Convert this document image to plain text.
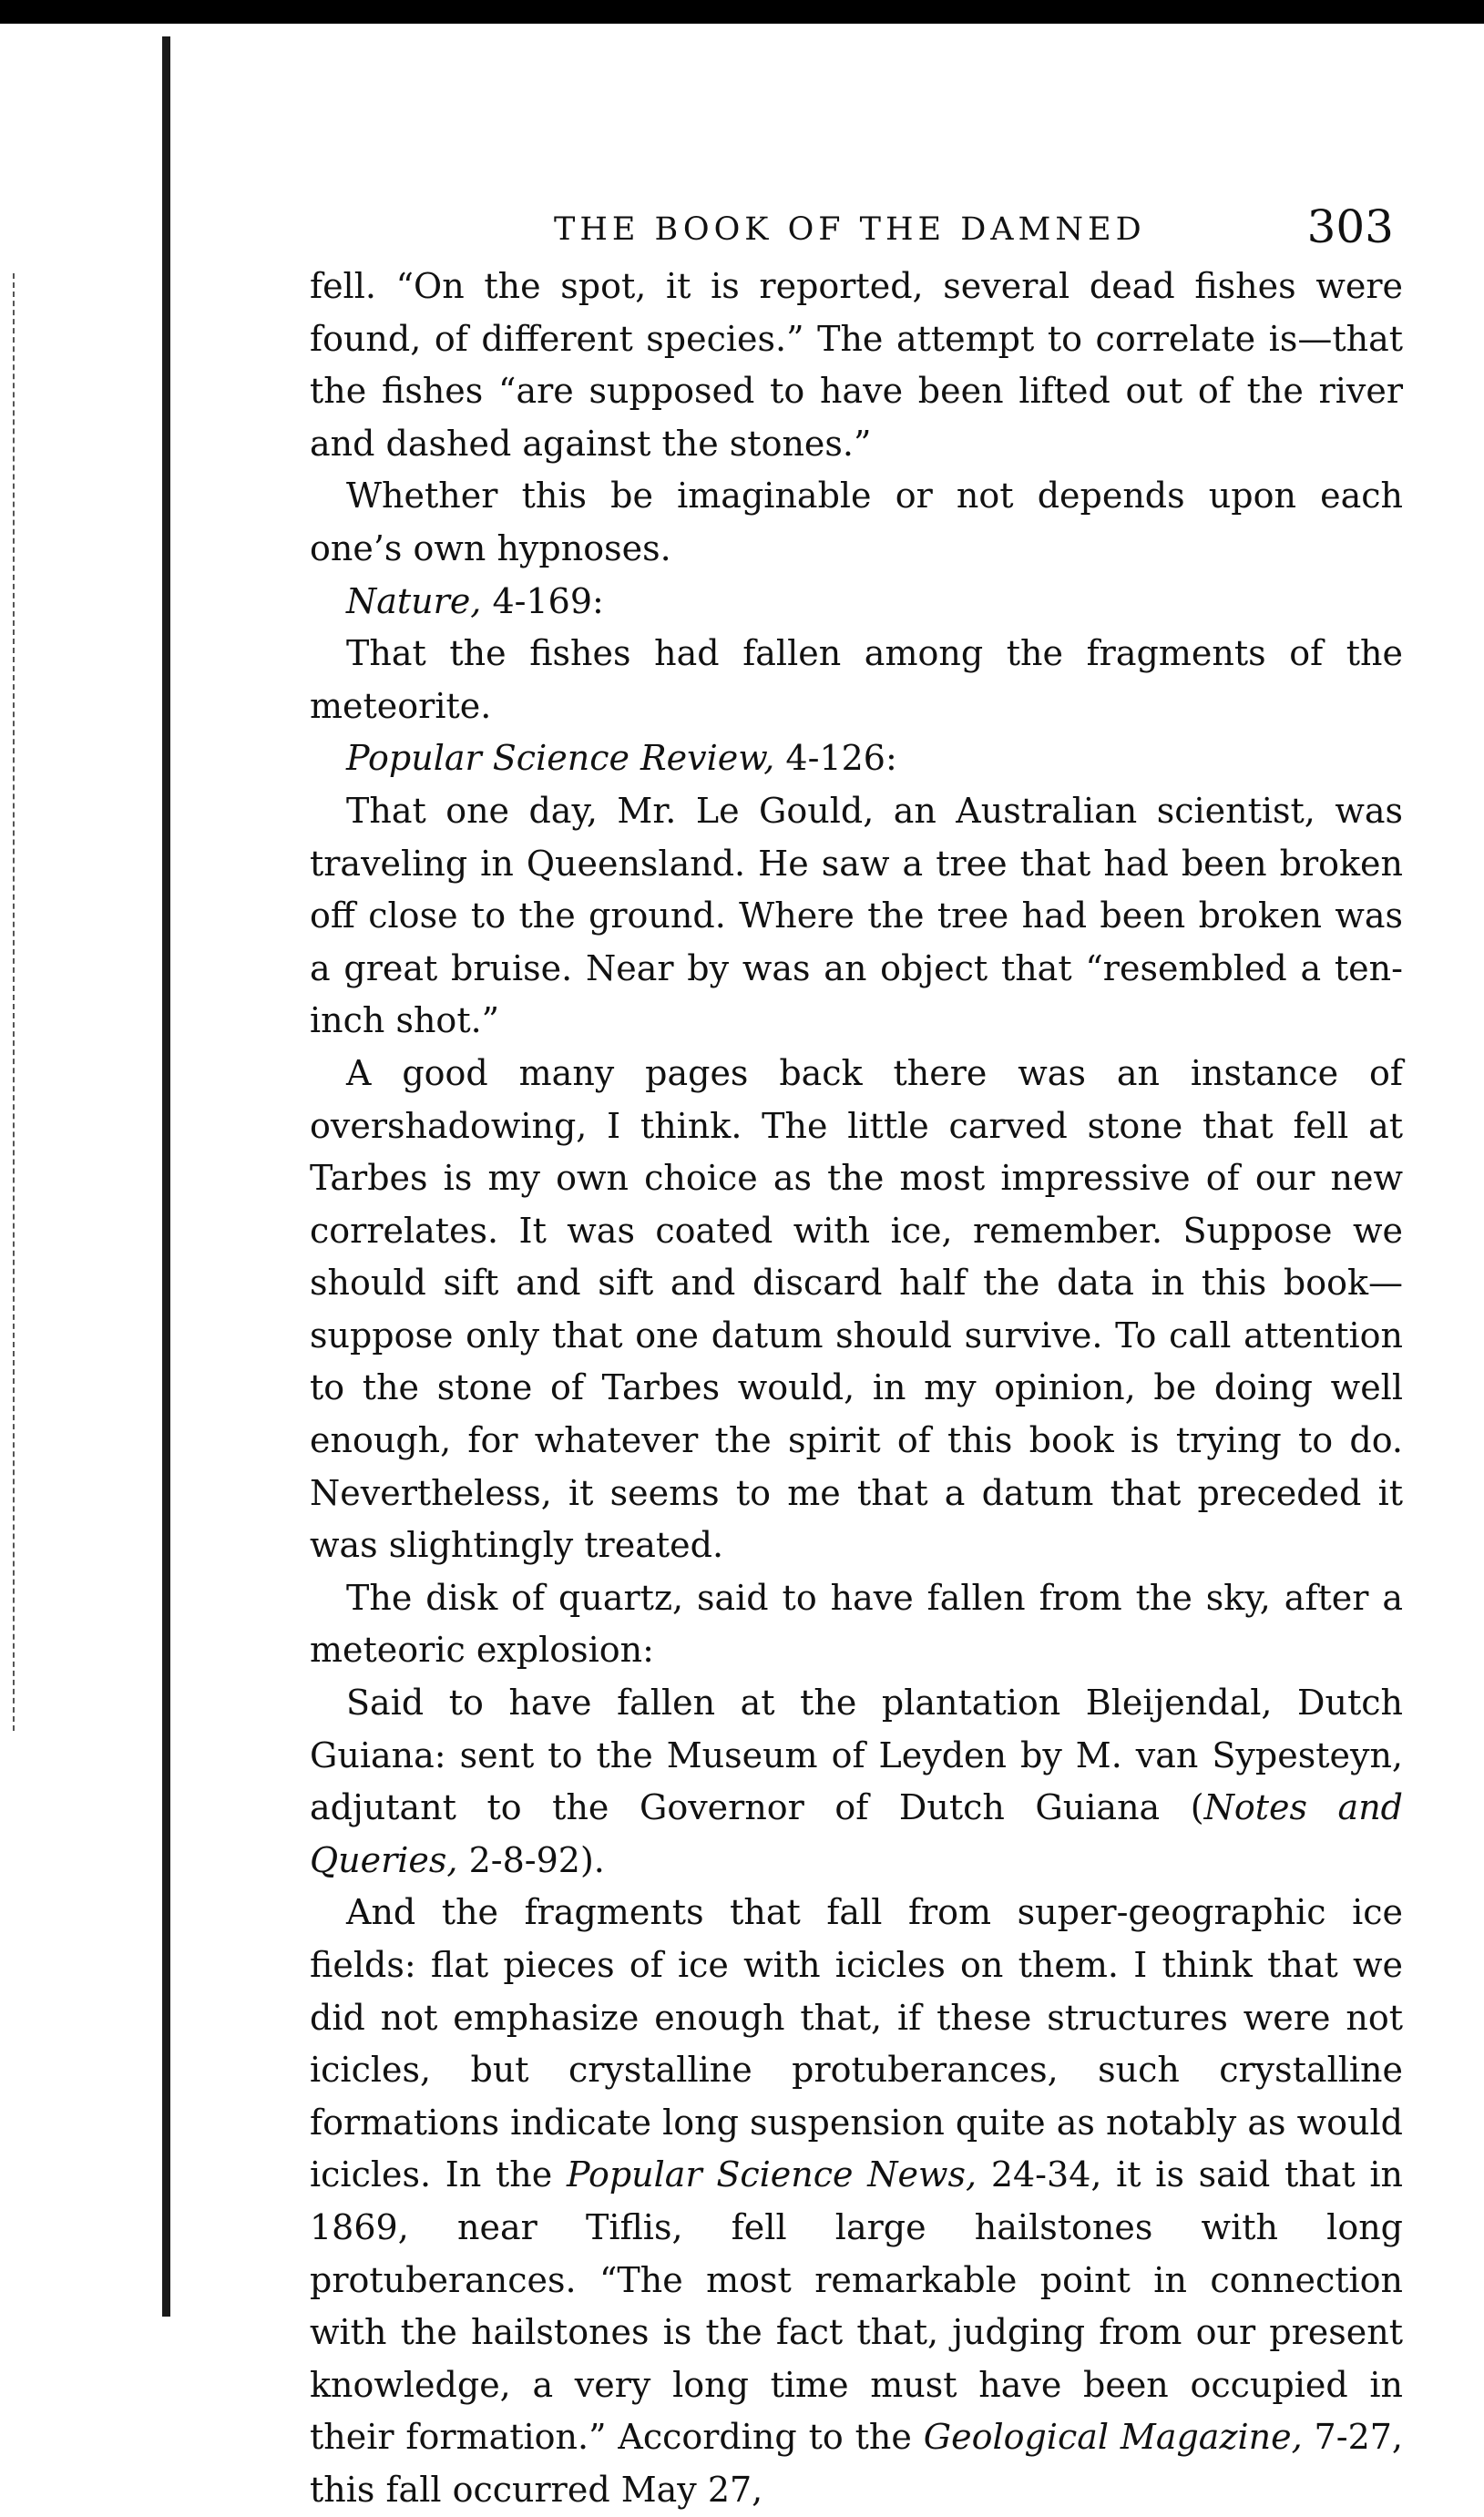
THE BOOK OF THE DAMNED	303

fell. “On the spot, it is reported, several dead fishes were found, of different species.” The attempt to correlate is—that the fishes “are supposed to have been lifted out of the river and dashed against the stones.”

Whether this be imaginable or not depends upon each one’s own hypnoses.

Nature, 4-169:

That the fishes had fallen among the fragments of the meteorite.

Popular Science Review, 4-126:

That one day, Mr. Le Gould, an Australian scientist, was traveling in Queensland. He saw a tree that had been broken off close to the ground. Where the tree had been broken was a great bruise. Near by was an object that “resembled a ten-inch shot.”

A good many pages back there was an instance of overshadowing, I think. The little carved stone that fell at Tarbes is my own choice as the most impressive of our new correlates. It was coated with ice, remember. Suppose we should sift and sift and discard half the data in this book—suppose only that one datum should survive. To call attention to the stone of Tarbes would, in my opinion, be doing well enough, for whatever the spirit of this book is trying to do. Nevertheless, it seems to me that a datum that preceded it was slightingly treated.

The disk of quartz, said to have fallen from the sky, after a meteoric explosion:

Said to have fallen at the plantation Bleijendal, Dutch Guiana: sent to the Museum of Leyden by M. van Sypesteyn, adjutant to the Governor of Dutch Guiana (Notes and Queries, 2-8-92).

And the fragments that fall from super-geographic ice fields: flat pieces of ice with icicles on them. I think that we did not emphasize enough that, if these structures were not icicles, but crystalline protuberances, such crystalline formations indicate long suspension quite as notably as would icicles. In the Popular Science News, 24-34, it is said that in 1869, near Tiflis, fell large hailstones with long protuberances. “The most remarkable point in connection with the hailstones is the fact that, judging from our present knowledge, a very long time must have been occupied in their formation.” According to the Geological Magazine, 7-27, this fall occurred May 27,
